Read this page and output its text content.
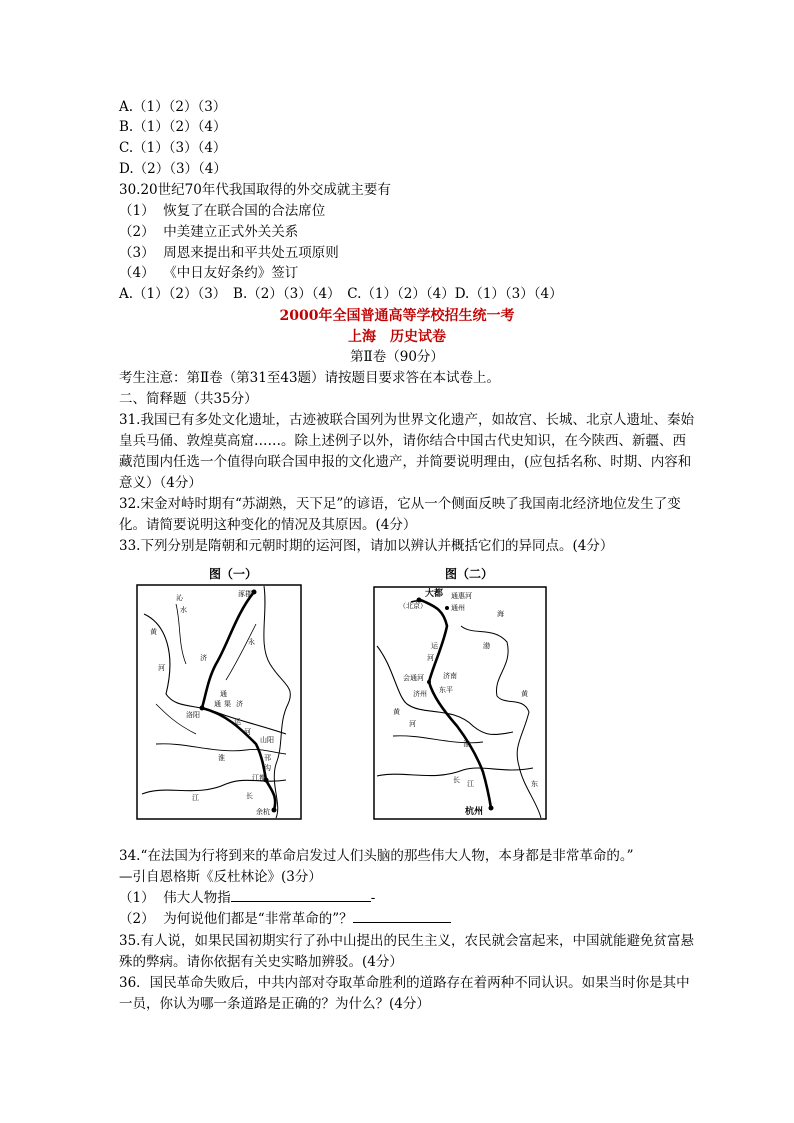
A.（1）（2）（3）
B.（1）（2）（4）
C.（1）（3）（4）
D.（2）（3）（4）
30.20世纪70年代我国取得的外交成就主要有
（1） 恢复了在联合国的合法席位
（2） 中美建立正式外关关系
（3） 周恩来提出和平共处五项原则
（4） 《中日友好条约》签订
A.（1）（2）（3）　B.（2）（3）（4）　C.（1）（2）（4）D.（1）（3）（4）
2000年全国普通高等学校招生统一考
上海　历史试卷
第Ⅱ卷（90分）
考生注意：第Ⅱ卷（第31至43题）请按题目要求答在本试卷上。
二、简释题（共35分）
31.我国已有多处文化遗址，古迹被联合国列为世界文化遗产，如故宫、长城、北京人遗址、秦始皇兵马俑、敦煌莫高窟……。除上述例子以外，请你结合中国古代史知识，在今陕西、新疆、西藏范围内任选一个值得向联合国申报的文化遗产，并简要说明理由，(应包括名称、时期、内容和意义）（4分）
32.宋金对峙时期有“苏湖熟，天下足”的谚语，它从一个侧面反映了我国南北经济地位发生了变化。请简要说明这种变化的情况及其原因。(4分）
33.下列分别是隋朝和元朝时期的运河图，请加以辨认并概括它们的异同点。(4分）
图（一）	图（二）
涿郡
洛阳
江都
余杭
黄
河
济
永
通
运
河
淮
长
江
沁
水
山阳
邗
沟
渠
通 济
大都 通惠河
（北京）	通州
济南
东平
济州
会通河
黄
河
淮
长 江
杭州
运
河
海
渤
黄
东
34.“在法国为行将到来的革命启发过人们头脑的那些伟大人物，本身都是非常革命的。”
—引自恩格斯《反杜林论》(3分）
（1） 伟大人物指	-
（2） 为何说他们都是“非常革命的”？
35.有人说，如果民国初期实行了孙中山提出的民生主义，农民就会富起来，中国就能避免贫富悬殊的弊病。请你依据有关史实略加辨驳。(4分）
36．国民革命失败后，中共内部对夺取革命胜利的道路存在着两种不同认识。如果当时你是其中一员，你认为哪一条道路是正确的？为什么？(4分）
